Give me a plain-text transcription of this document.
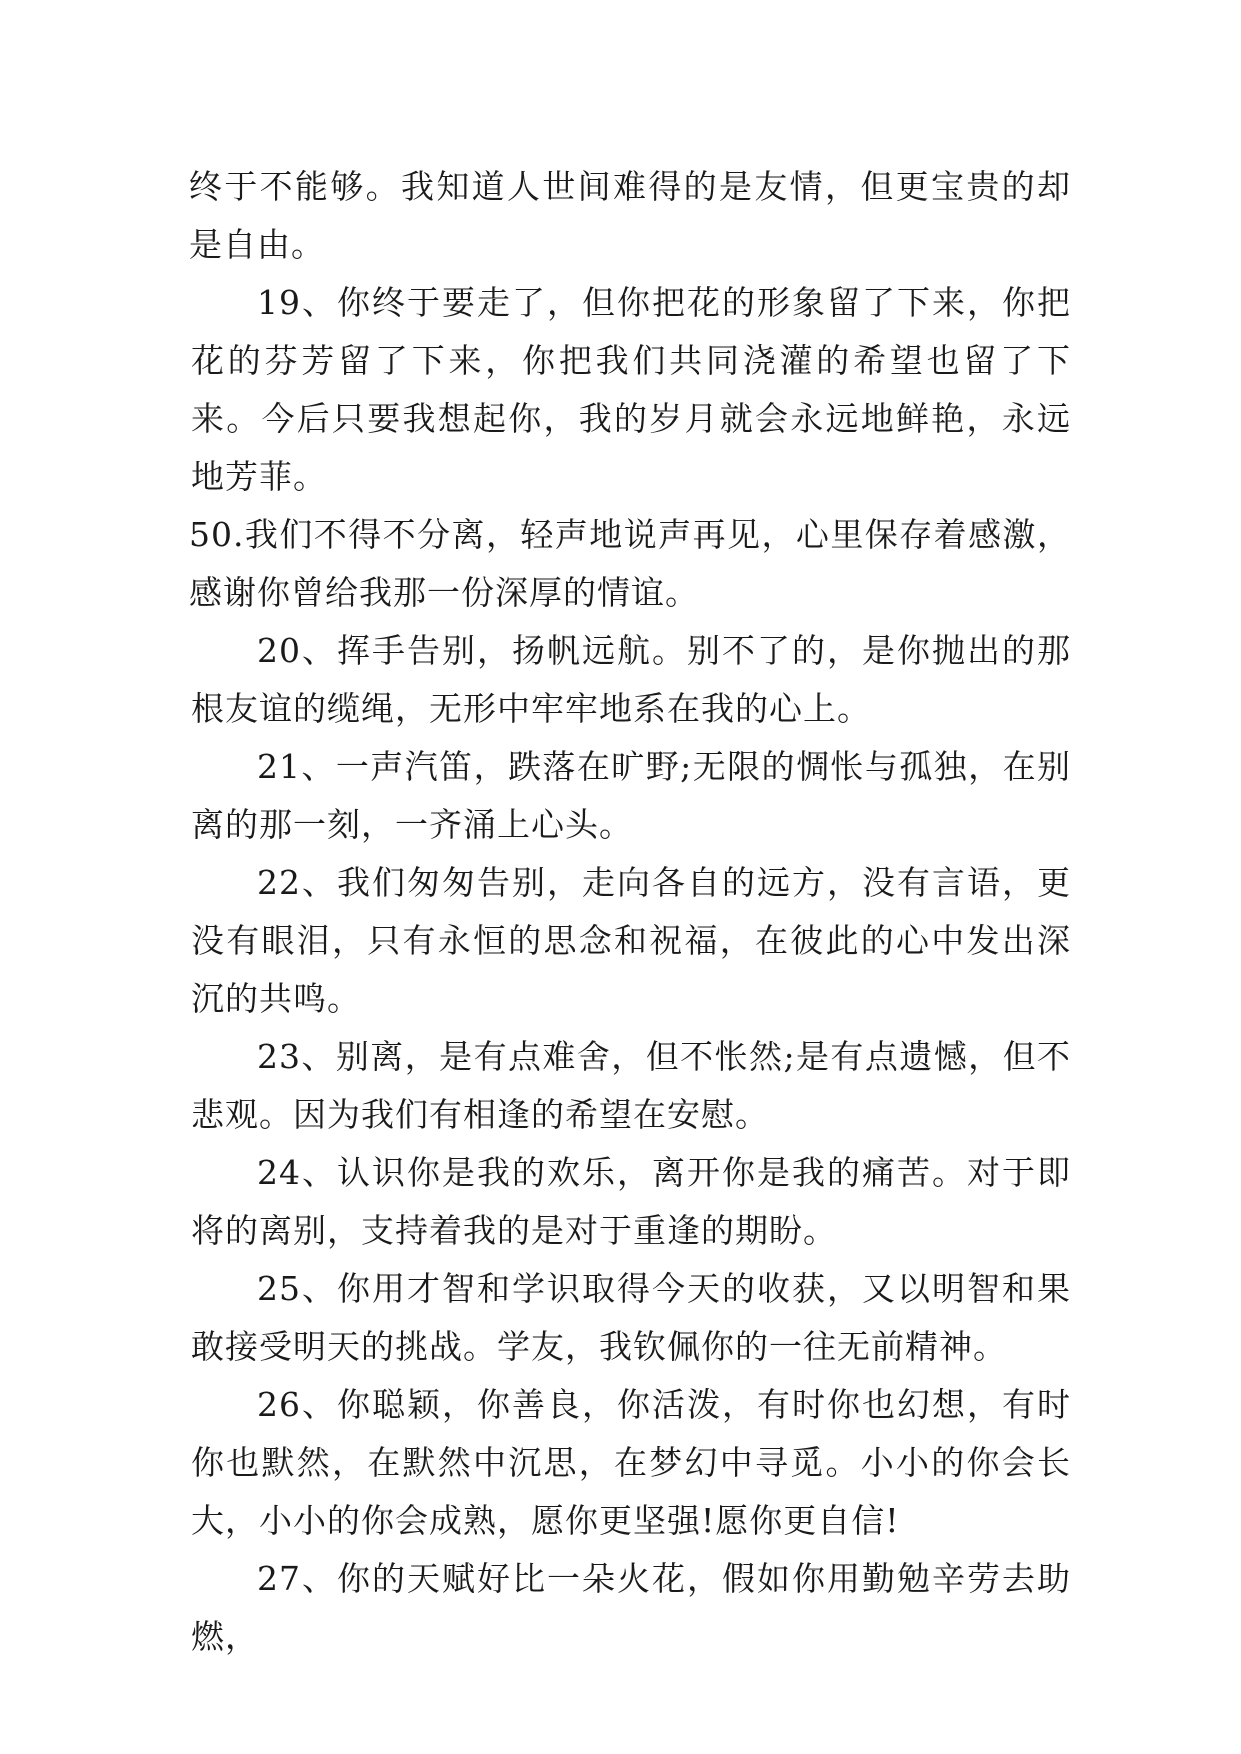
终于不能够。我知道人世间难得的是友情，但更宝贵的却是自由。

19、你终于要走了，但你把花的形象留了下来，你把花的芬芳留了下来，你把我们共同浇灌的希望也留了下来。今后只要我想起你，我的岁月就会永远地鲜艳，永远地芳菲。

50.我们不得不分离，轻声地说声再见，心里保存着感激，感谢你曾给我那一份深厚的情谊。

20、挥手告别，扬帆远航。别不了的，是你抛出的那根友谊的缆绳，无形中牢牢地系在我的心上。

21、一声汽笛，跌落在旷野;无限的惆怅与孤独，在别离的那一刻，一齐涌上心头。

22、我们匆匆告别，走向各自的远方，没有言语，更没有眼泪，只有永恒的思念和祝福，在彼此的心中发出深沉的共鸣。

23、别离，是有点难舍，但不怅然;是有点遗憾，但不悲观。因为我们有相逢的希望在安慰。

24、认识你是我的欢乐，离开你是我的痛苦。对于即将的离别，支持着我的是对于重逢的期盼。

25、你用才智和学识取得今天的收获，又以明智和果敢接受明天的挑战。学友，我钦佩你的一往无前精神。

26、你聪颖，你善良，你活泼，有时你也幻想，有时你也默然，在默然中沉思，在梦幻中寻觅。小小的你会长大，小小的你会成熟，愿你更坚强!愿你更自信!

27、你的天赋好比一朵火花，假如你用勤勉辛劳去助燃，
